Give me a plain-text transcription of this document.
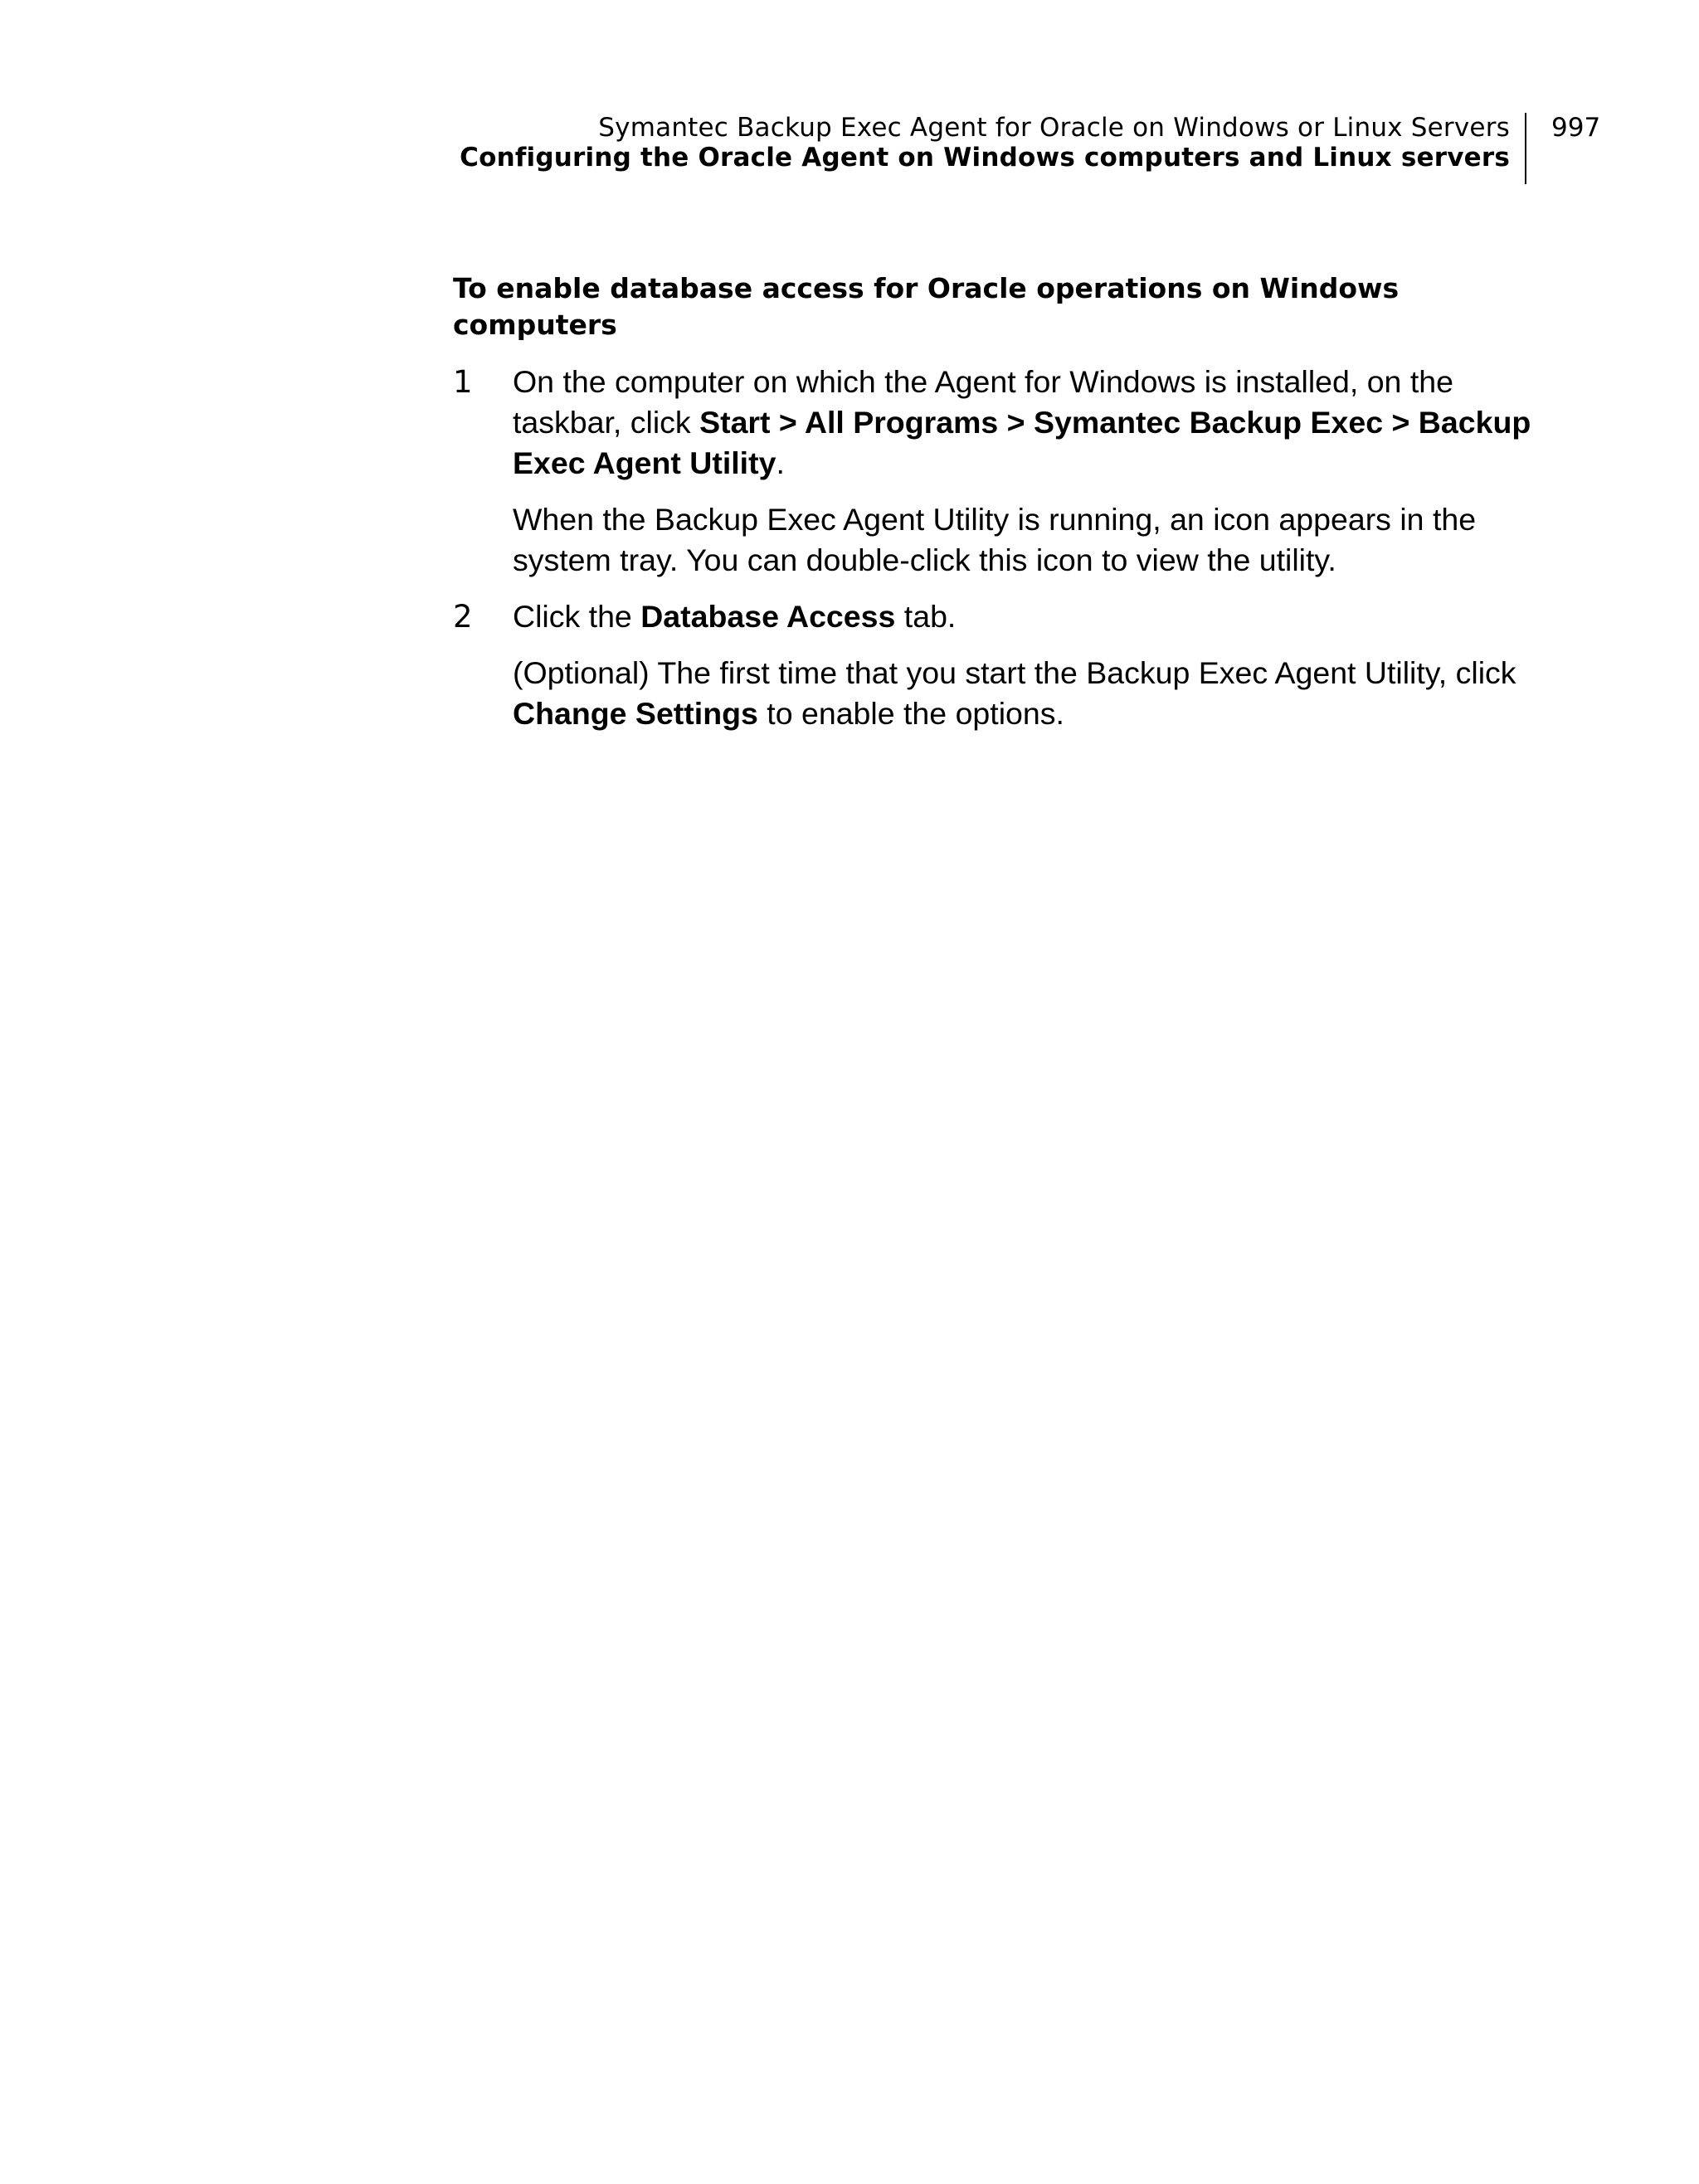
Symantec Backup Exec Agent for Oracle on Windows or Linux Servers
Configuring the Oracle Agent on Windows computers and Linux servers
997
To enable database access for Oracle operations on Windows computers
1 On the computer on which the Agent for Windows is installed, on the taskbar, click Start > All Programs > Symantec Backup Exec > Backup Exec Agent Utility.

When the Backup Exec Agent Utility is running, an icon appears in the system tray. You can double-click this icon to view the utility.

2 Click the Database Access tab.

(Optional) The first time that you start the Backup Exec Agent Utility, click Change Settings to enable the options.
